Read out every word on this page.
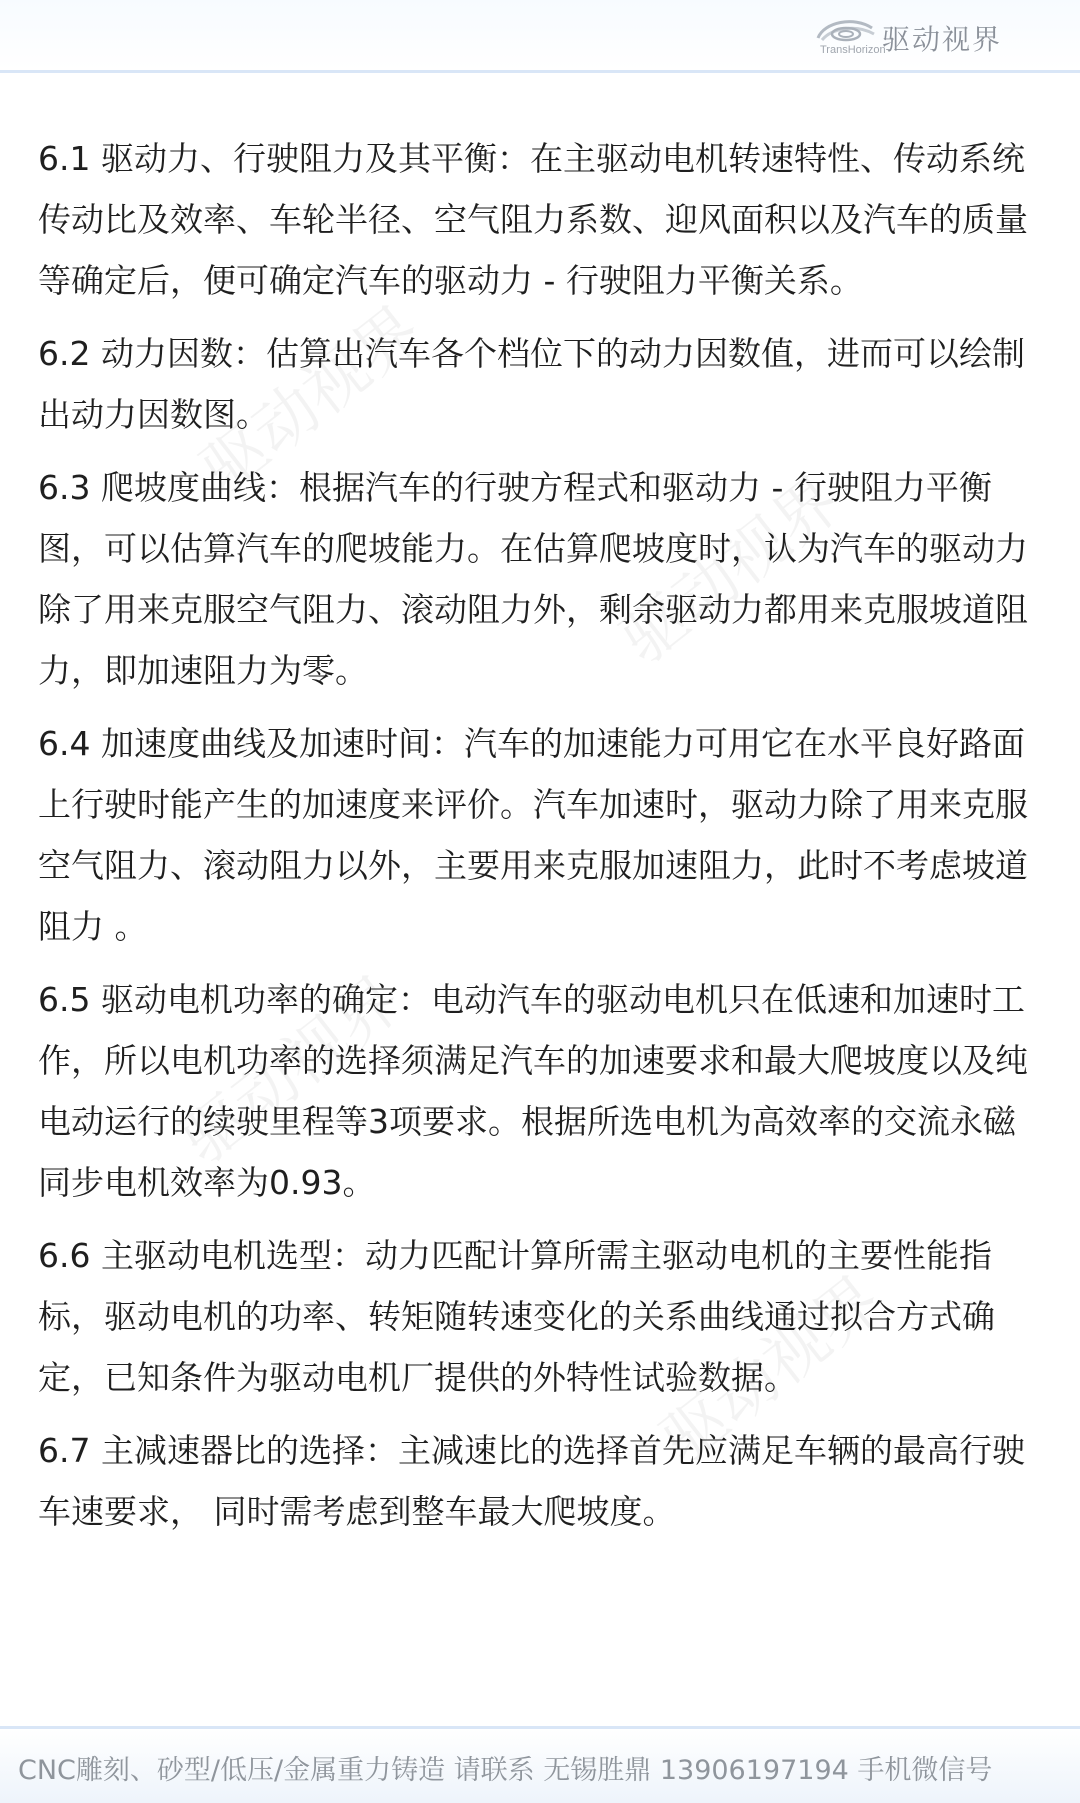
驱动视界
TransHorizon

6.1 驱动力、行驶阻力及其平衡：在主驱动电机转速特性、传动系统传动比及效率、车轮半径、空气阻力系数、迎风面积以及汽车的质量等确定后，便可确定汽车的驱动力 - 行驶阻力平衡关系。

6.2 动力因数：估算出汽车各个档位下的动力因数值，进而可以绘制出动力因数图。

6.3 爬坡度曲线：根据汽车的行驶方程式和驱动力 - 行驶阻力平衡图，可以估算汽车的爬坡能力。在估算爬坡度时，认为汽车的驱动力除了用来克服空气阻力、滚动阻力外，剩余驱动力都用来克服坡道阻力，即加速阻力为零。

6.4 加速度曲线及加速时间：汽车的加速能力可用它在水平良好路面上行驶时能产生的加速度来评价。汽车加速时，驱动力除了用来克服空气阻力、滚动阻力以外，主要用来克服加速阻力，此时不考虑坡道阻力 。

6.5 驱动电机功率的确定：电动汽车的驱动电机只在低速和加速时工作，所以电机功率的选择须满足汽车的加速要求和最大爬坡度以及纯电动运行的续驶里程等3项要求。根据所选电机为高效率的交流永磁同步电机效率为0.93。

6.6 主驱动电机选型：动力匹配计算所需主驱动电机的主要性能指标，驱动电机的功率、转矩随转速变化的关系曲线通过拟合方式确定，已知条件为驱动电机厂提供的外特性试验数据。

6.7 主减速器比的选择：主减速比的选择首先应满足车辆的最高行驶车速要求， 同时需考虑到整车最大爬坡度。

CNC雕刻、砂型/低压/金属重力铸造 请联系 无锡胜鼎 13906197194 手机微信号
